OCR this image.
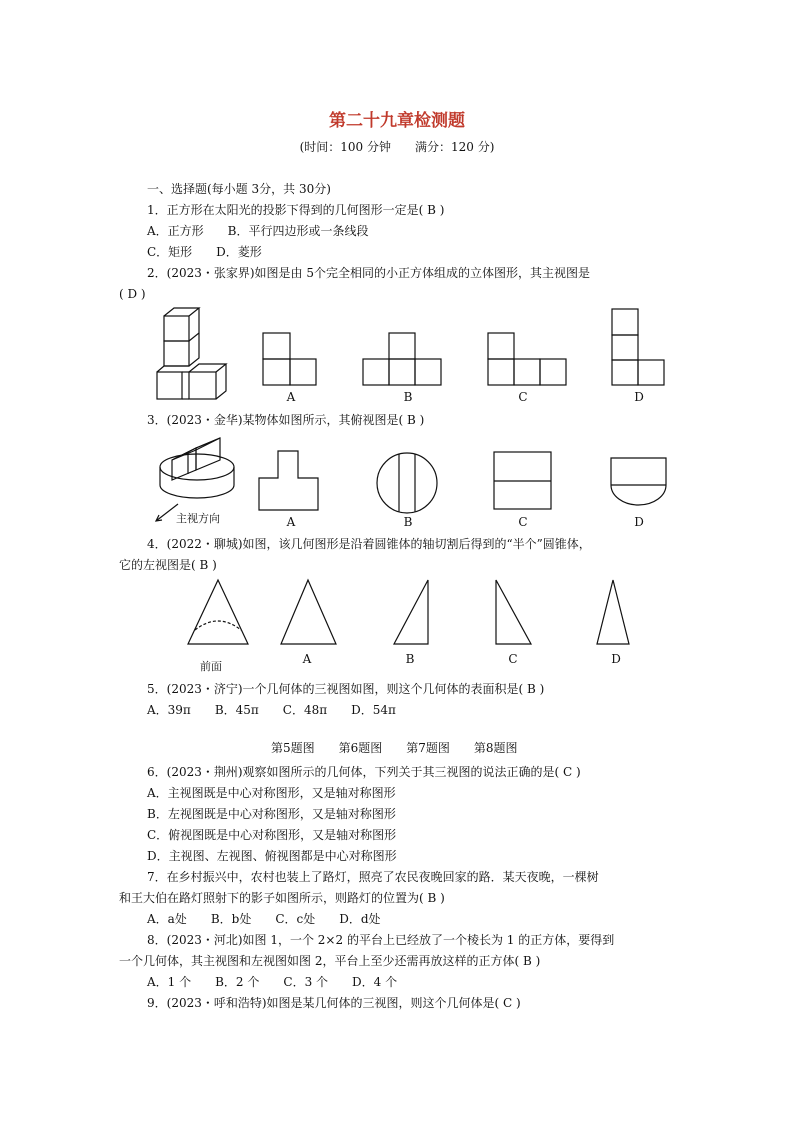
第二十九章检测题
(时间：100 分钟　　满分：120 分)
一、选择题(每小题 3分，共 30分)
1．正方形在太阳光的投影下得到的几何图形一定是( B )
A．正方形　　B．平行四边形或一条线段
C．矩形　　D．菱形
2．(2023・张家界)如图是由 5个完全相同的小正方体组成的立体图形，其主视图是
( D )
A	B	C	D
3．(2023・金华)某物体如图所示，其俯视图是( B )
主视方向	A	B	C	D
4．(2022・聊城)如图，该几何图形是沿着圆锥体的轴切割后得到的“半个”圆锥体，
它的左视图是( B )
前面
A	B	C	D
5．(2023・济宁)一个几何体的三视图如图，则这个几何体的表面积是( B )
A．39π　　B．45π　　C．48π　　D．54π
第5题图　　第6题图　　第7题图　　第8题图
6．(2023・荆州)观察如图所示的几何体，下列关于其三视图的说法正确的是( C )
A．主视图既是中心对称图形，又是轴对称图形
B．左视图既是中心对称图形，又是轴对称图形
C．俯视图既是中心对称图形，又是轴对称图形
D．主视图、左视图、俯视图都是中心对称图形
7．在乡村振兴中，农村也装上了路灯，照亮了农民夜晚回家的路．某天夜晚，一棵树
和王大伯在路灯照射下的影子如图所示，则路灯的位置为( B )
A．a处　　B．b处　　C．c处　　D．d处
8．(2023・河北)如图 1，一个 2×2 的平台上已经放了一个棱长为 1 的正方体，要得到
一个几何体，其主视图和左视图如图 2，平台上至少还需再放这样的正方体( B )
A．1 个　　B．2 个　　C．3 个　　D．4 个
9．(2023・呼和浩特)如图是某几何体的三视图，则这个几何体是( C )
